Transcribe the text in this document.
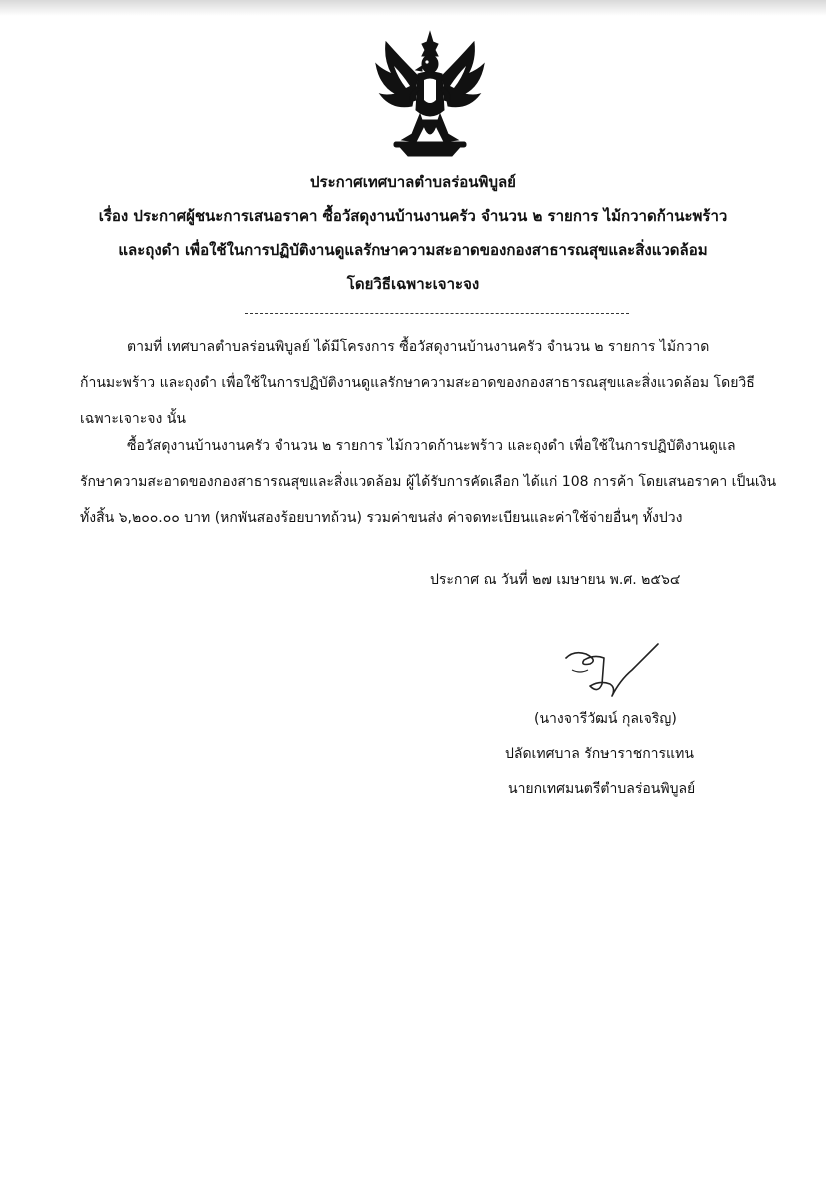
ประกาศเทศบาลตำบลร่อนพิบูลย์
เรื่อง ประกาศผู้ชนะการเสนอราคา ซื้อวัสดุงานบ้านงานครัว จำนวน ๒ รายการ ไม้กวาดก้านะพร้าว
และถุงดำ เพื่อใช้ในการปฏิบัติงานดูแลรักษาความสะอาดของกองสาธารณสุขและสิ่งแวดล้อม
โดยวิธีเฉพาะเจาะจง
ตามที่ เทศบาลตำบลร่อนพิบูลย์ ได้มีโครงการ ซื้อวัสดุงานบ้านงานครัว จำนวน ๒ รายการ ไม้กวาด
ก้านมะพร้าว และถุงดำ เพื่อใช้ในการปฏิบัติงานดูแลรักษาความสะอาดของกองสาธารณสุขและสิ่งแวดล้อม โดยวิธี
เฉพาะเจาะจง นั้น
ซื้อวัสดุงานบ้านงานครัว จำนวน ๒ รายการ ไม้กวาดก้านะพร้าว และถุงดำ เพื่อใช้ในการปฏิบัติงานดูแล
รักษาความสะอาดของกองสาธารณสุขและสิ่งแวดล้อม ผู้ได้รับการคัดเลือก ได้แก่ 108 การค้า โดยเสนอราคา เป็นเงิน
ทั้งสิ้น ๖,๒๐๐.๐๐ บาท (หกพันสองร้อยบาทถ้วน) รวมค่าขนส่ง ค่าจดทะเบียนและค่าใช้จ่ายอื่นๆ ทั้งปวง
ประกาศ ณ วันที่ ๒๗ เมษายน พ.ศ. ๒๕๖๔
(นางจารีวัฒน์ กุลเจริญ)
ปลัดเทศบาล รักษาราชการแทน
นายกเทศมนตรีตำบลร่อนพิบูลย์
